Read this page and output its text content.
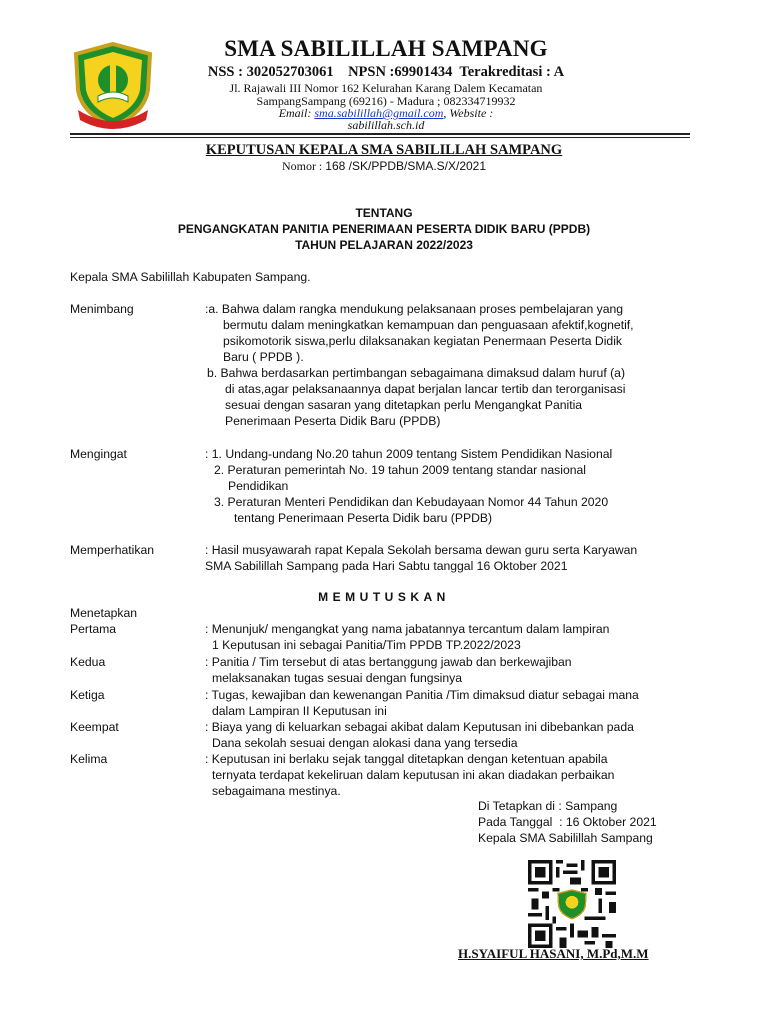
SMA SABILILLAH SAMPANG
NSS : 302052703061    NPSN :69901434  Terakreditasi : A
Jl. Rajawali III Nomor 162 Kelurahan Karang Dalem Kecamatan
SampangSampang (69216) - Madura ; 082334719932
Email: sma.sabilillah@gmail.com, Website :
sabilillah.sch.id
KEPUTUSAN KEPALA SMA SABILILLAH SAMPANG
Nomor : 168 /SK/PPDB/SMA.S/X/2021
TENTANG
PENGANGKATAN PANITIA PENERIMAAN PESERTA DIDIK BARU (PPDB)
TAHUN PELAJARAN 2022/2023
Kepala SMA Sabilillah Kabupaten Sampang.
Menimbang	:a. Bahwa dalam rangka mendukung pelaksanaan proses pembelajaran yang
bermutu dalam meningkatkan kemampuan dan penguasaan afektif,kognetif,
psikomotorik siswa,perlu dilaksanakan kegiatan Penermaan Peserta Didik
Baru ( PPDB ).
b. Bahwa berdasarkan pertimbangan sebagaimana dimaksud dalam huruf (a)
di atas,agar pelaksanaannya dapat berjalan lancar tertib dan terorganisasi
sesuai dengan sasaran yang ditetapkan perlu Mengangkat Panitia
Penerimaan Peserta Didik Baru (PPDB)
Mengingat	: 1. Undang-undang No.20 tahun 2009 tentang Sistem Pendidikan Nasional
2. Peraturan pemerintah No. 19 tahun 2009 tentang standar nasional
Pendidikan
3. Peraturan Menteri Pendidikan dan Kebudayaan Nomor 44 Tahun 2020
tentang Penerimaan Peserta Didik baru (PPDB)
Memperhatikan	: Hasil musyawarah rapat Kepala Sekolah bersama dewan guru serta Karyawan
SMA Sabilillah Sampang pada Hari Sabtu tanggal 16 Oktober 2021
MEMUTUSKAN
Menetapkan
Pertama	: Menunjuk/ mengangkat yang nama jabatannya tercantum dalam lampiran
1 Keputusan ini sebagai Panitia/Tim PPDB TP.2022/2023
Kedua	: Panitia / Tim tersebut di atas bertanggung jawab dan berkewajiban
melaksanakan tugas sesuai dengan fungsinya
Ketiga	: Tugas, kewajiban dan kewenangan Panitia /Tim dimaksud diatur sebagai mana
dalam Lampiran II Keputusan ini
Keempat	: Biaya yang di keluarkan sebagai akibat dalam Keputusan ini dibebankan pada
Dana sekolah sesuai dengan alokasi dana yang tersedia
Kelima	: Keputusan ini berlaku sejak tanggal ditetapkan dengan ketentuan apabila
ternyata terdapat kekeliruan dalam keputusan ini akan diadakan perbaikan
sebagaimana mestinya.
Di Tetapkan di : Sampang
Pada Tanggal  : 16 Oktober 2021
Kepala SMA Sabilillah Sampang
H.SYAIFUL HASANI, M.Pd,M.M
